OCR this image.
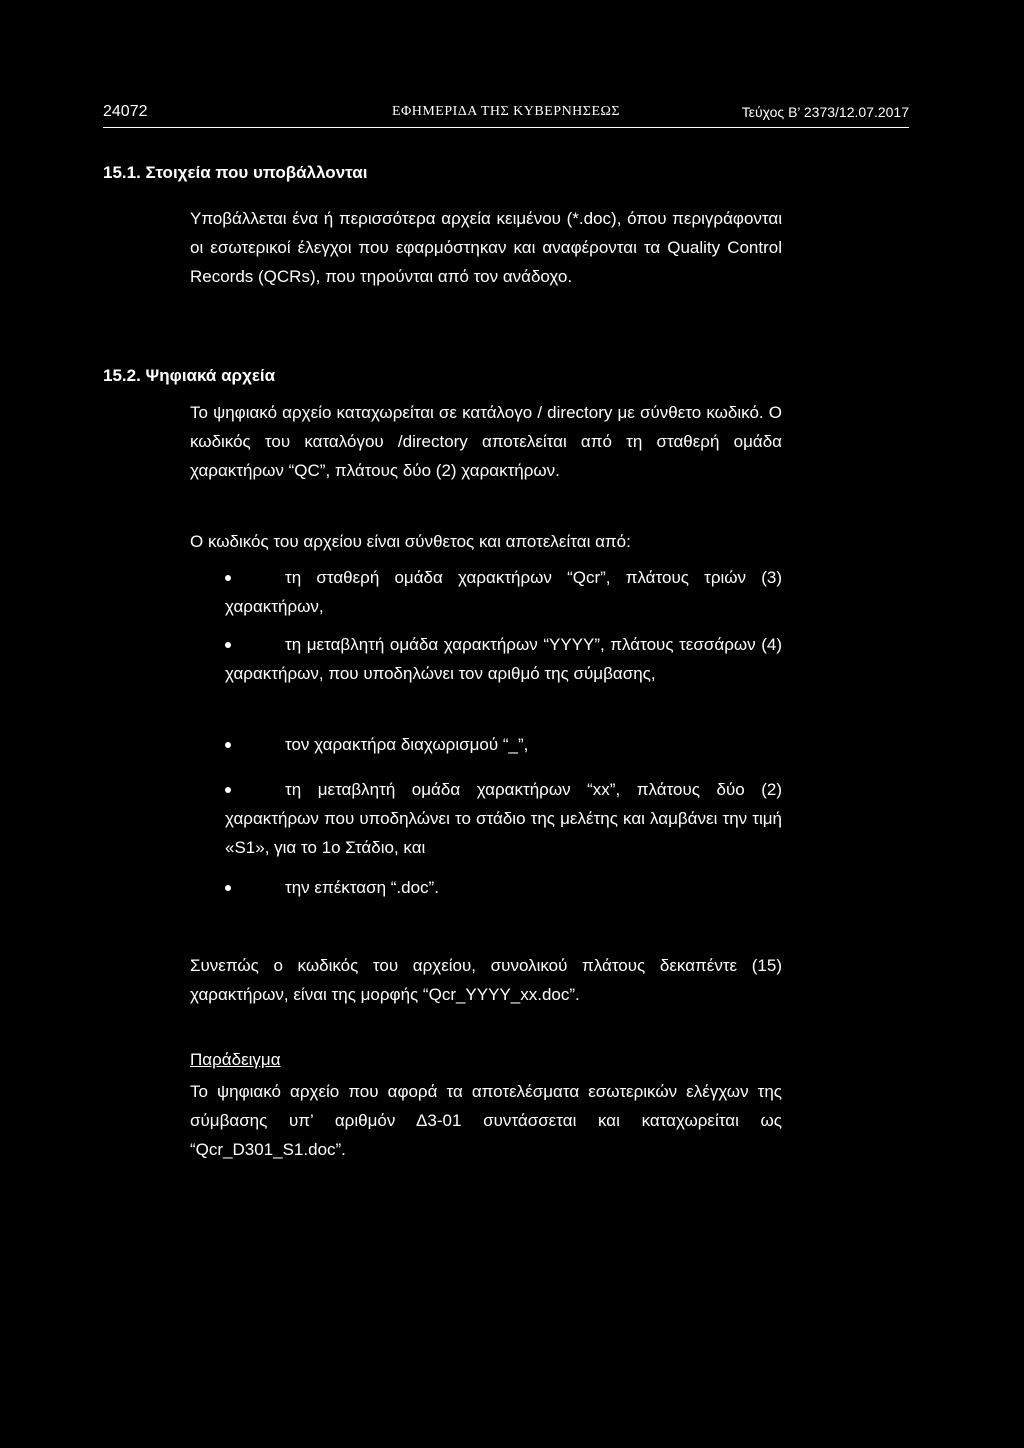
24072	ΕΦΗΜΕΡΙΔΑ ΤΗΣ ΚΥΒΕΡΝΗΣΕΩΣ	Τεύχος Β’ 2373/12.07.2017
15.1. Στοιχεία που υποβάλλονται
Υποβάλλεται ένα ή περισσότερα αρχεία κειμένου (*.doc), όπου περιγράφονται οι εσωτερικοί έλεγχοι που εφαρμόστηκαν και αναφέρονται τα Quality Control Records (QCRs), που τηρούνται από τον ανάδοχο.
15.2. Ψηφιακά αρχεία
Το ψηφιακό αρχείο καταχωρείται σε κατάλογο / directory με σύνθετο κωδικό. Ο κωδικός του καταλόγου /directory αποτελείται από τη σταθερή ομάδα χαρακτήρων “QC”, πλάτους δύο (2) χαρακτήρων.
Ο κωδικός του αρχείου είναι σύνθετος και αποτελείται από:
τη σταθερή ομάδα χαρακτήρων “Qcr”, πλάτους τριών (3) χαρακτήρων,
τη μεταβλητή ομάδα χαρακτήρων “YYYY”, πλάτους τεσσάρων (4) χαρακτήρων, που υποδηλώνει τον αριθμό της σύμβασης,
τον χαρακτήρα διαχωρισμού “_”,
τη μεταβλητή ομάδα χαρακτήρων “xx”, πλάτους δύο (2) χαρακτήρων που υποδηλώνει το στάδιο της μελέτης και λαμβάνει την τιμή «S1», για το 1ο Στάδιο, και
την επέκταση “.doc”.
Συνεπώς ο κωδικός του αρχείου, συνολικού πλάτους δεκαπέντε (15) χαρακτήρων, είναι της μορφής “Qcr_YYYY_xx.doc”.
Παράδειγμα
Το ψηφιακό αρχείο που αφορά τα αποτελέσματα εσωτερικών ελέγχων της σύμβασης υπ’ αριθμόν Δ3-01 συντάσσεται και καταχωρείται ως “Qcr_D301_S1.doc”.
